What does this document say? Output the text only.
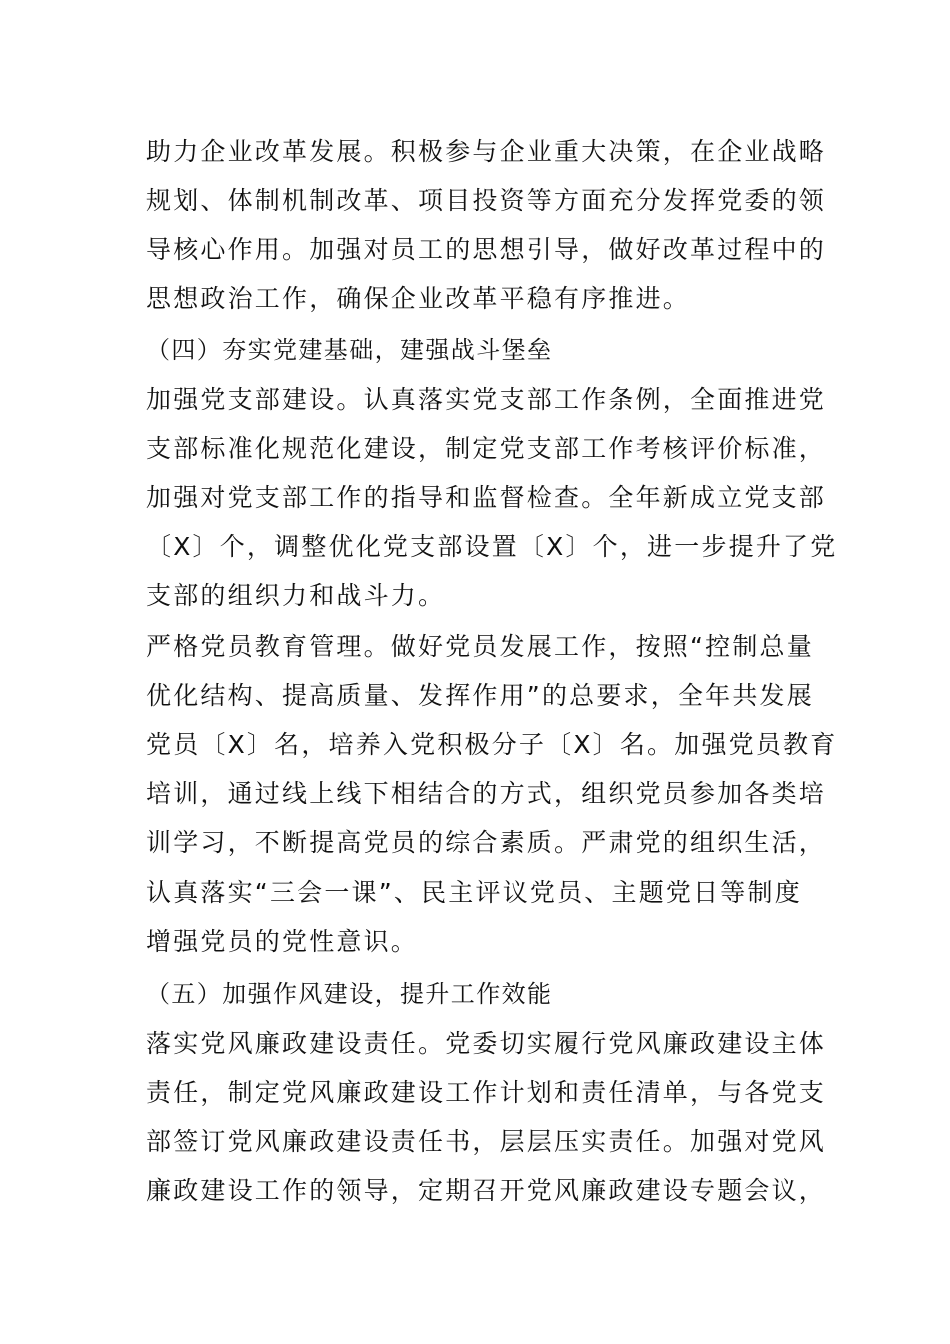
助力企业改革发展。积极参与企业重大决策，在企业战略
规划、体制机制改革、项目投资等方面充分发挥党委的领
导核心作用。加强对员工的思想引导，做好改革过程中的
思想政治工作，确保企业改革平稳有序推进。
（四）夯实党建基础，建强战斗堡垒
加强党支部建设。认真落实党支部工作条例，全面推进党
支部标准化规范化建设，制定党支部工作考核评价标准，
加强对党支部工作的指导和监督检查。全年新成立党支部
〔X〕个，调整优化党支部设置〔X〕个，进一步提升了党
支部的组织力和战斗力。
严格党员教育管理。做好党员发展工作，按照“控制总量
优化结构、提高质量、发挥作用”的总要求，全年共发展
党员〔X〕名，培养入党积极分子〔X〕名。加强党员教育
培训，通过线上线下相结合的方式，组织党员参加各类培
训学习，不断提高党员的综合素质。严肃党的组织生活，
认真落实“三会一课”、民主评议党员、主题党日等制度
增强党员的党性意识。
（五）加强作风建设，提升工作效能
落实党风廉政建设责任。党委切实履行党风廉政建设主体
责任，制定党风廉政建设工作计划和责任清单，与各党支
部签订党风廉政建设责任书，层层压实责任。加强对党风
廉政建设工作的领导，定期召开党风廉政建设专题会议，
